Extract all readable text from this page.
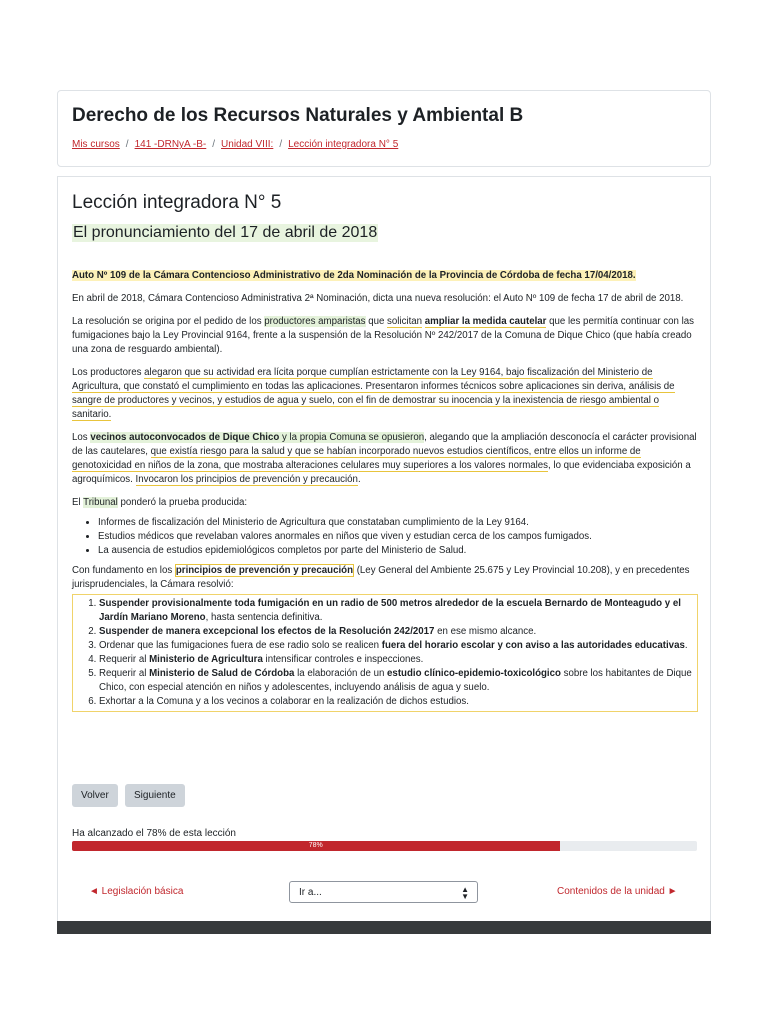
Derecho de los Recursos Naturales y Ambiental B
Mis cursos / 141 -DRNyA -B- / Unidad VIII: / Lección integradora N° 5
Lección integradora N° 5
El pronunciamiento del 17 de abril de 2018

Auto Nº 109 de la Cámara Contencioso Administrativo de 2da Nominación de la Provincia de Córdoba de fecha 17/04/2018.

En abril de 2018, Cámara Contencioso Administrativa 2ª Nominación, dicta una nueva resolución: el Auto Nº 109 de fecha 17 de abril de 2018.

La resolución se origina por el pedido de los productores amparistas que solicitan ampliar la medida cautelar que les permitía continuar con las fumigaciones bajo la Ley Provincial 9164, frente a la suspensión de la Resolución Nº 242/2017 de la Comuna de Dique Chico (que había creado una zona de resguardo ambiental).

Los productores alegaron que su actividad era lícita porque cumplían estrictamente con la Ley 9164, bajo fiscalización del Ministerio de Agricultura, que constató el cumplimiento en todas las aplicaciones. Presentaron informes técnicos sobre aplicaciones sin deriva, análisis de sangre de productores y vecinos, y estudios de agua y suelo, con el fin de demostrar su inocencia y la inexistencia de riesgo ambiental o sanitario.

Los vecinos autoconvocados de Dique Chico y la propia Comuna se opusieron, alegando que la ampliación desconocía el carácter provisional de las cautelares, que existía riesgo para la salud y que se habían incorporado nuevos estudios científicos, entre ellos un informe de genotoxicidad en niños de la zona, que mostraba alteraciones celulares muy superiores a los valores normales, lo que evidenciaba exposición a agroquímicos. Invocaron los principios de prevención y precaución.

El Tribunal ponderó la prueba producida:

• Informes de fiscalización del Ministerio de Agricultura que constataban cumplimiento de la Ley 9164.
• Estudios médicos que revelaban valores anormales en niños que viven y estudian cerca de los campos fumigados.
• La ausencia de estudios epidemiológicos completos por parte del Ministerio de Salud.

Con fundamento en los principios de prevención y precaución (Ley General del Ambiente 25.675 y Ley Provincial 10.208), y en precedentes jurisprudenciales, la Cámara resolvió:

1. Suspender provisionalmente toda fumigación en un radio de 500 metros alrededor de la escuela Bernardo de Monteagudo y el Jardín Mariano Moreno, hasta sentencia definitiva.
2. Suspender de manera excepcional los efectos de la Resolución 242/2017 en ese mismo alcance.
3. Ordenar que las fumigaciones fuera de ese radio solo se realicen fuera del horario escolar y con aviso a las autoridades educativas.
4. Requerir al Ministerio de Agricultura intensificar controles e inspecciones.
5. Requerir al Ministerio de Salud de Córdoba la elaboración de un estudio clínico-epidemio-toxicológico sobre los habitantes de Dique Chico, con especial atención en niños y adolescentes, incluyendo análisis de agua y suelo.
6. Exhortar a la Comuna y a los vecinos a colaborar en la realización de dichos estudios.
Volver	Siguiente
Ha alcanzado el 78% de esta lección
78%
◄ Legislación básica	Ir a...	▲
▼	Contenidos de la unidad ►
